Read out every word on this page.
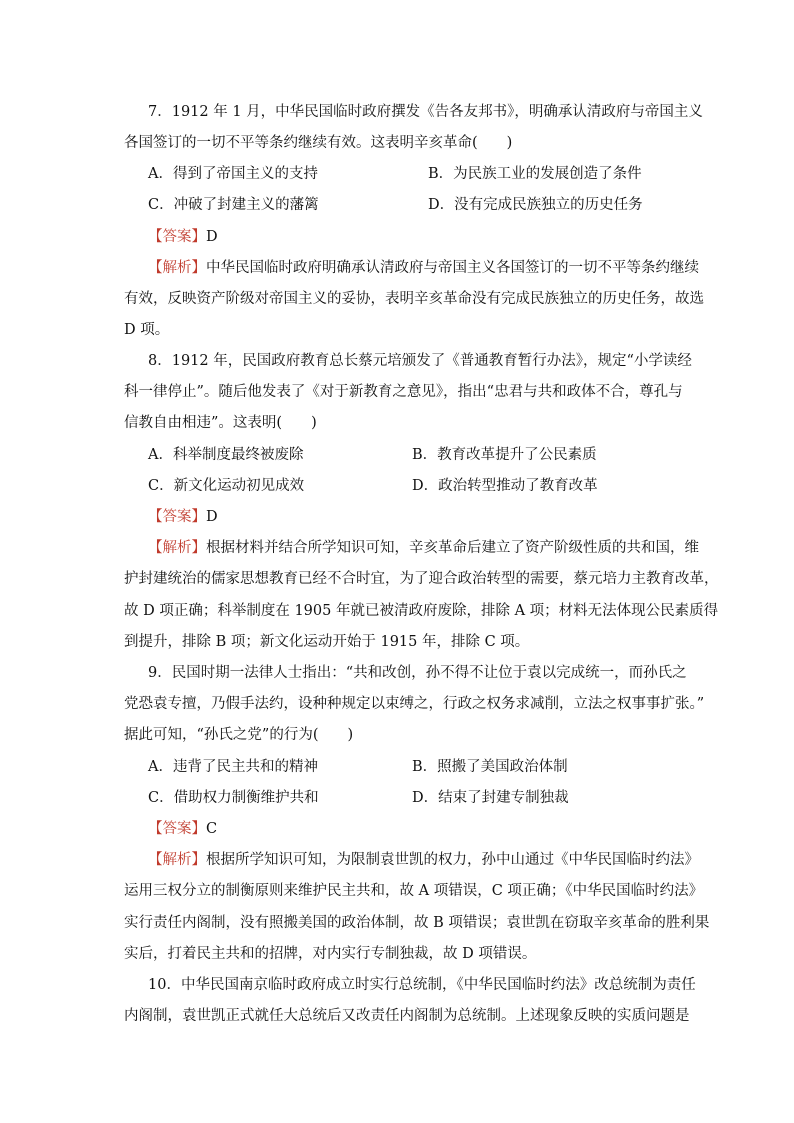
7．1912 年 1 月，中华民国临时政府撰发《告各友邦书》，明确承认清政府与帝国主义
各国签订的一切不平等条约继续有效。这表明辛亥革命(　　)
A．得到了帝国主义的支持	B．为民族工业的发展创造了条件
C．冲破了封建主义的藩篱	D．没有完成民族独立的历史任务
【答案】D
【解析】中华民国临时政府明确承认清政府与帝国主义各国签订的一切不平等条约继续
有效，反映资产阶级对帝国主义的妥协，表明辛亥革命没有完成民族独立的历史任务，故选
D 项。
8．1912 年，民国政府教育总长蔡元培颁发了《普通教育暂行办法》，规定“小学读经
科一律停止”。随后他发表了《对于新教育之意见》，指出“忠君与共和政体不合，尊孔与
信教自由相违”。这表明(　　)
A．科举制度最终被废除	B．教育改革提升了公民素质
C．新文化运动初见成效	D．政治转型推动了教育改革
【答案】D
【解析】根据材料并结合所学知识可知，辛亥革命后建立了资产阶级性质的共和国，维
护封建统治的儒家思想教育已经不合时宜，为了迎合政治转型的需要，蔡元培力主教育改革，
故 D 项正确；科举制度在 1905 年就已被清政府废除，排除 A 项；材料无法体现公民素质得
到提升，排除 B 项；新文化运动开始于 1915 年，排除 C 项。
9．民国时期一法律人士指出：“共和改创，孙不得不让位于袁以完成统一，而孙氏之
党恐袁专擅，乃假手法约，设种种规定以束缚之，行政之权务求减削，立法之权事事扩张。”
据此可知，“孙氏之党”的行为(　　)
A．违背了民主共和的精神	B．照搬了美国政治体制
C．借助权力制衡维护共和	D．结束了封建专制独裁
【答案】C
【解析】根据所学知识可知，为限制袁世凯的权力，孙中山通过《中华民国临时约法》
运用三权分立的制衡原则来维护民主共和，故 A 项错误，C 项正确；《中华民国临时约法》
实行责任内阁制，没有照搬美国的政治体制，故 B 项错误；袁世凯在窃取辛亥革命的胜利果
实后，打着民主共和的招牌，对内实行专制独裁，故 D 项错误。
10．中华民国南京临时政府成立时实行总统制，《中华民国临时约法》改总统制为责任
内阁制，袁世凯正式就任大总统后又改责任内阁制为总统制。上述现象反映的实质问题是
